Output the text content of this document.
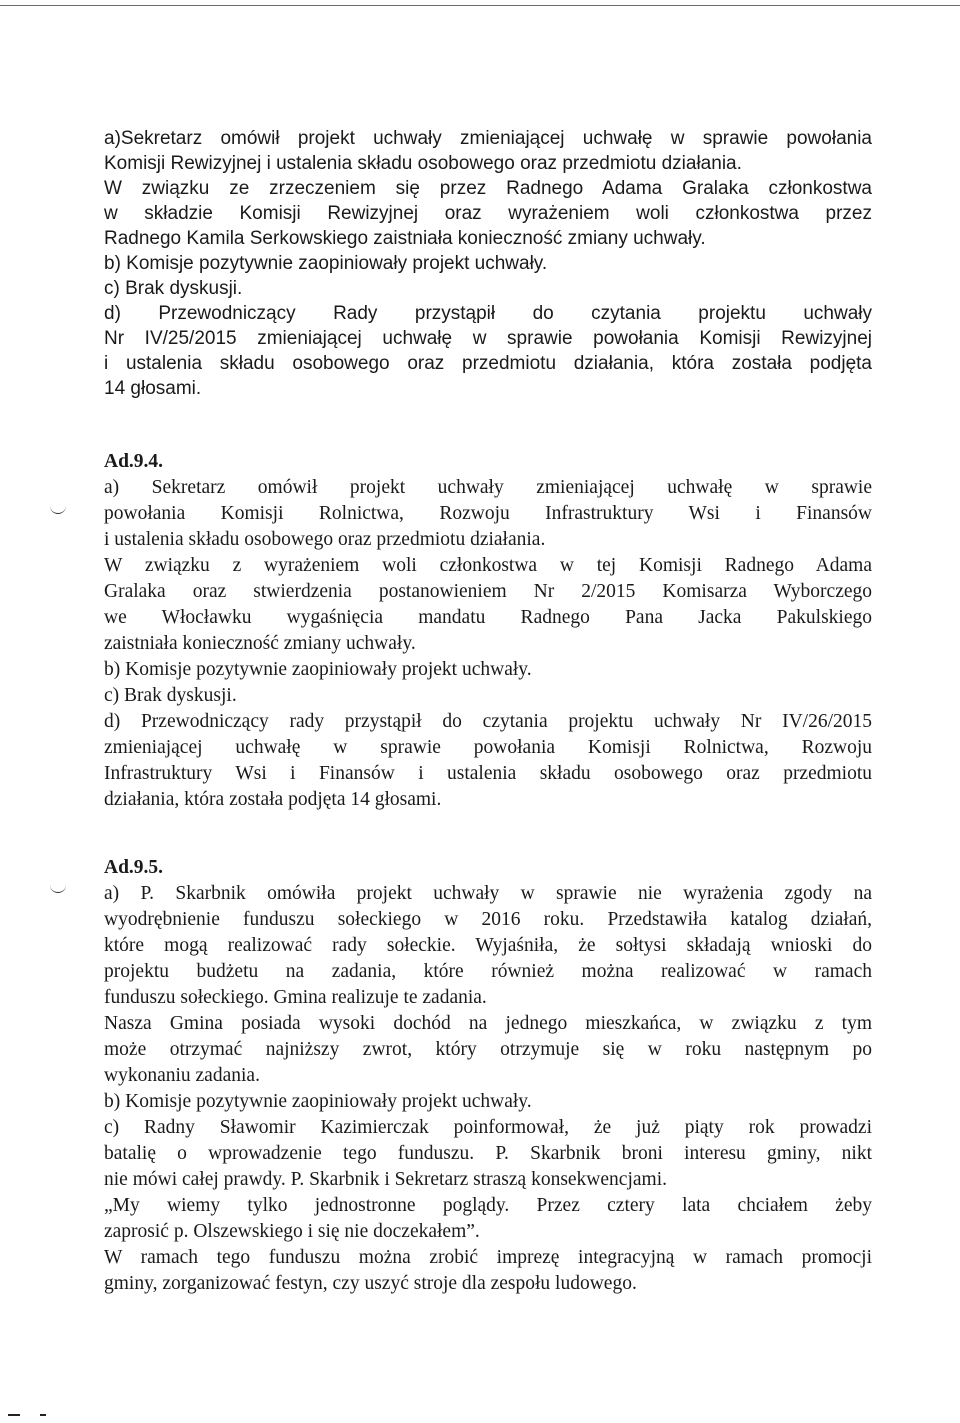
a)Sekretarz omówił projekt uchwały zmieniającej uchwałę w sprawie powołania
Komisji Rewizyjnej i ustalenia składu osobowego oraz przedmiotu działania.
W związku ze zrzeczeniem się przez Radnego Adama Gralaka członkostwa
w składzie Komisji Rewizyjnej oraz wyrażeniem woli członkostwa przez
Radnego Kamila Serkowskiego zaistniała konieczność zmiany uchwały.
b) Komisje pozytywnie zaopiniowały projekt uchwały.
c) Brak dyskusji.
d) Przewodniczący Rady przystąpił do czytania projektu uchwały
Nr IV/25/2015 zmieniającej uchwałę w sprawie powołania Komisji Rewizyjnej
i ustalenia składu osobowego oraz przedmiotu działania, która została podjęta
14 głosami.
Ad.9.4.
a) Sekretarz omówił projekt uchwały zmieniającej uchwałę w sprawie
powołania Komisji Rolnictwa, Rozwoju Infrastruktury Wsi i Finansów
i ustalenia składu osobowego oraz przedmiotu działania.
W związku z wyrażeniem woli członkostwa w tej Komisji Radnego Adama
Gralaka oraz stwierdzenia postanowieniem Nr 2/2015 Komisarza Wyborczego
we Włocławku wygaśnięcia mandatu Radnego Pana Jacka Pakulskiego
zaistniała konieczność zmiany uchwały.
b) Komisje pozytywnie zaopiniowały projekt uchwały.
c) Brak dyskusji.
d) Przewodniczący rady przystąpił do czytania projektu uchwały Nr IV/26/2015
zmieniającej uchwałę w sprawie powołania Komisji Rolnictwa, Rozwoju
Infrastruktury Wsi i Finansów i ustalenia składu osobowego oraz przedmiotu
działania, która została podjęta 14 głosami.
Ad.9.5.
a) P. Skarbnik omówiła projekt uchwały w sprawie nie wyrażenia zgody na
wyodrębnienie funduszu sołeckiego w 2016 roku. Przedstawiła katalog działań,
które mogą realizować rady sołeckie. Wyjaśniła, że sołtysi składają wnioski do
projektu budżetu na zadania, które również można realizować w ramach
funduszu sołeckiego. Gmina realizuje te zadania.
Nasza Gmina posiada wysoki dochód na jednego mieszkańca, w związku z tym
może otrzymać najniższy zwrot, który otrzymuje się w roku następnym po
wykonaniu zadania.
b) Komisje pozytywnie zaopiniowały projekt uchwały.
c) Radny Sławomir Kazimierczak poinformował, że już piąty rok prowadzi
batalię o wprowadzenie tego funduszu. P. Skarbnik broni interesu gminy, nikt
nie mówi całej prawdy. P. Skarbnik i Sekretarz straszą konsekwencjami.
„My wiemy tylko jednostronne poglądy. Przez cztery lata chciałem żeby
zaprosić p. Olszewskiego i się nie doczekałem”.
W ramach tego funduszu można zrobić imprezę integracyjną w ramach promocji
gminy, zorganizować festyn, czy uszyć stroje dla zespołu ludowego.
